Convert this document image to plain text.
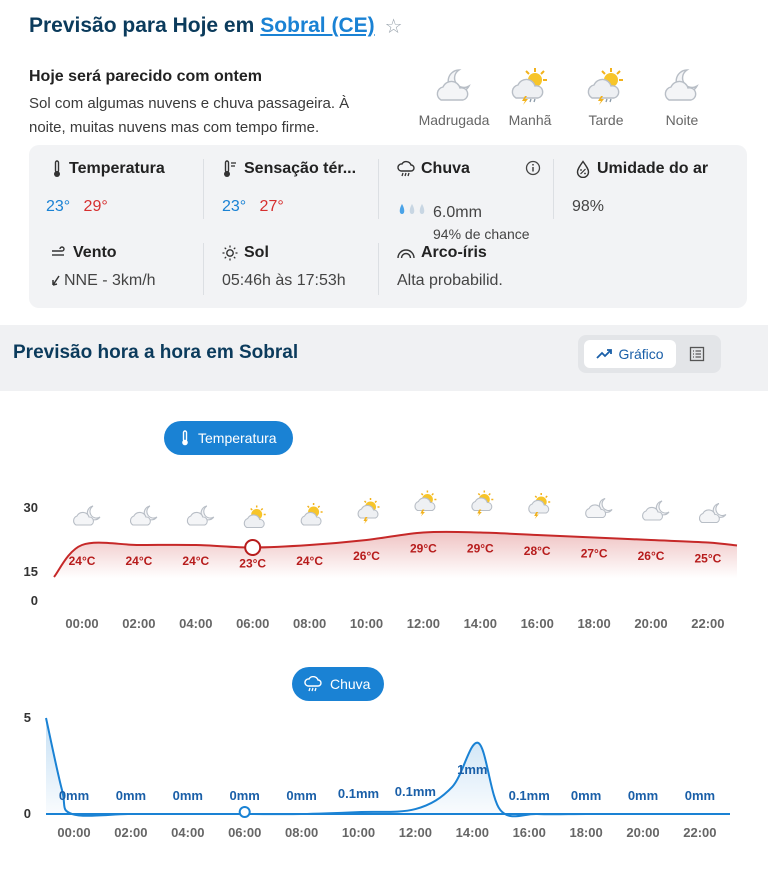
Previsão para Hoje em Sobral (CE) ☆
Hoje será parecido com ontem
Sol com algumas nuvens e chuva passageira. À noite, muitas nuvens mas com tempo firme.	Madrugada	Manhã	Tarde	Noite
Temperatura
23° 29°
Sensação tér...
23° 27°
Chuva
6.0mm
94% de chance
Umidade do ar
98%
Vento
NNE - 3km/h
Sol
05:46h às 17:53h
Arco-íris
Alta probabilid.
Previsão hora a hora em Sobral	Gráfico
Temperatura
Chuva
30
15
0
24°C
00:00
24°C
02:00
24°C
04:00
23°C
06:00
24°C
08:00
26°C
10:00
29°C
12:00
29°C
14:00
28°C
16:00
27°C
18:00
26°C
20:00
25°C
22:00
5
0
0mm
00:00
0mm
02:00
0mm
04:00
0mm
06:00
0mm
08:00
0.1mm
10:00
0.1mm
12:00
1mm
14:00
0.1mm
16:00
0mm
18:00
0mm
20:00
0mm
22:00
